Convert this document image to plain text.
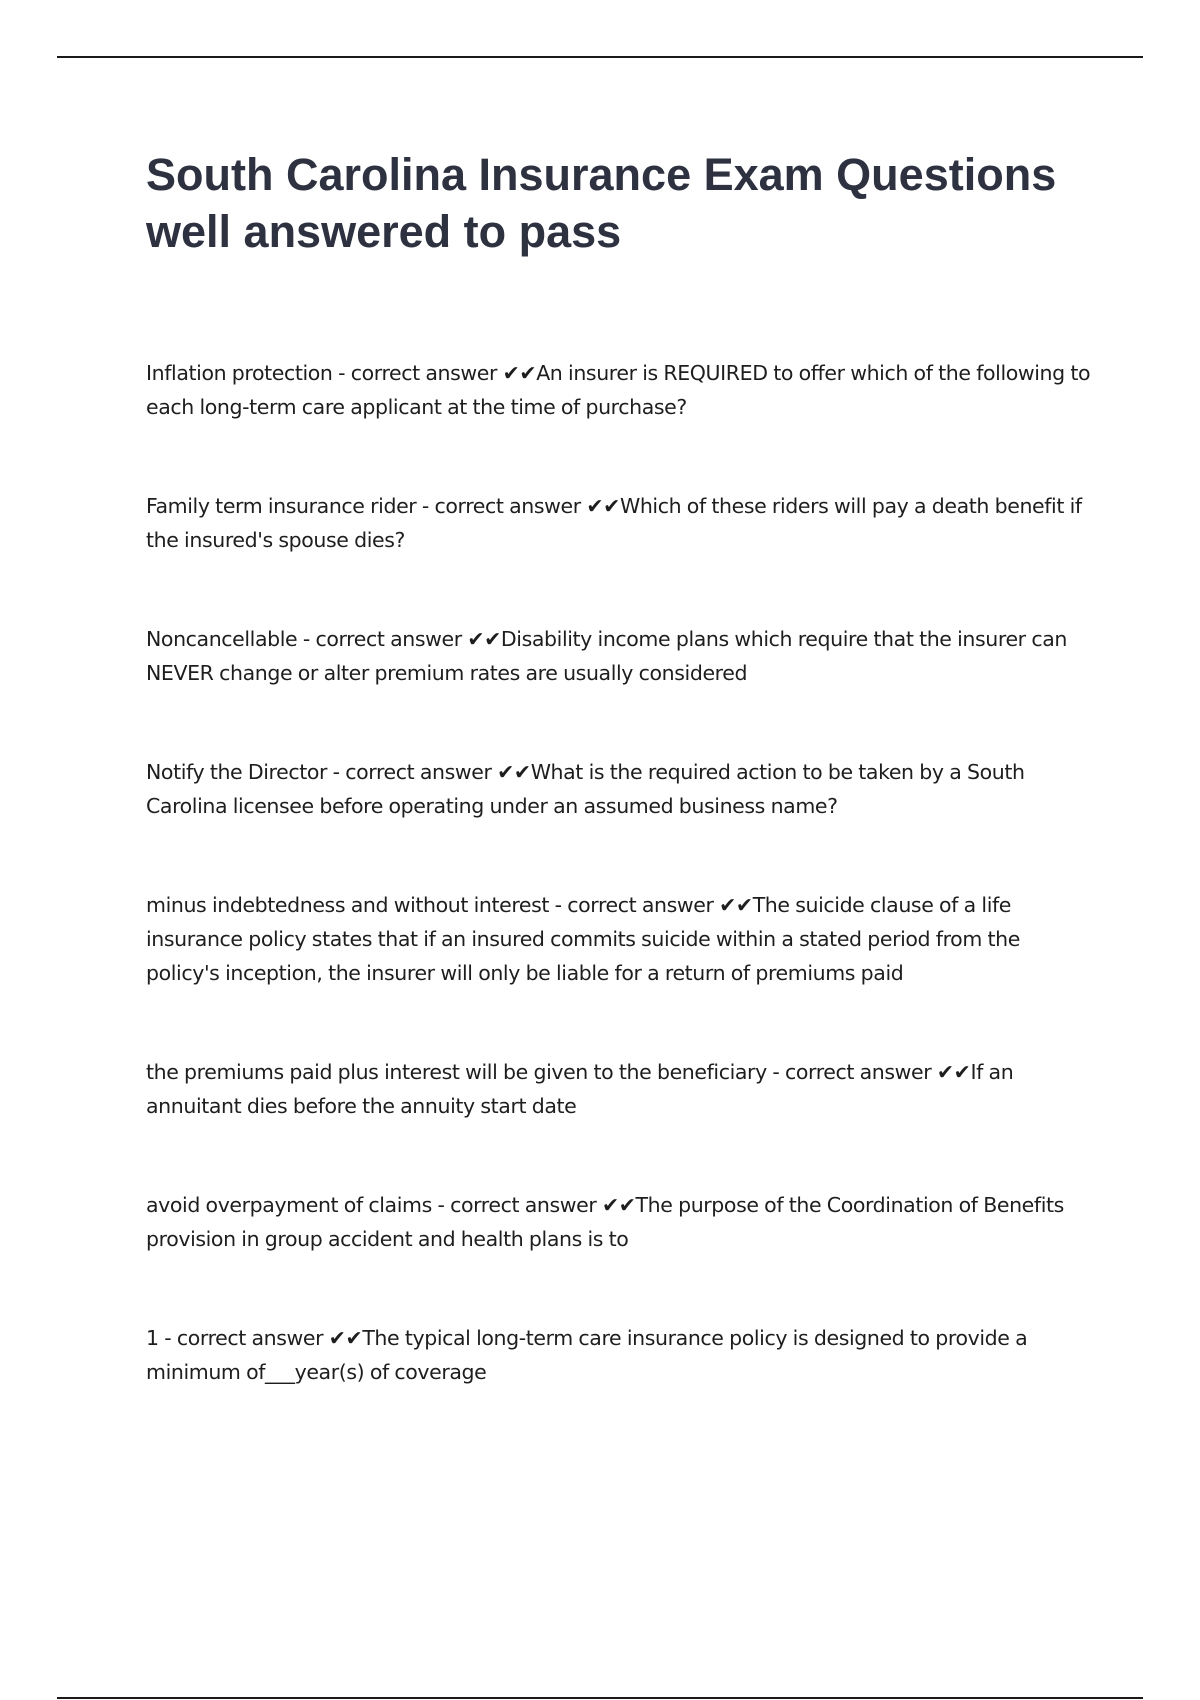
South Carolina Insurance Exam Questions well answered to pass
Inflation protection - correct answer ✔✔An insurer is REQUIRED to offer which of the following to each long-term care applicant at the time of purchase?
Family term insurance rider - correct answer ✔✔Which of these riders will pay a death benefit if the insured's spouse dies?
Noncancellable - correct answer ✔✔Disability income plans which require that the insurer can NEVER change or alter premium rates are usually considered
Notify the Director - correct answer ✔✔What is the required action to be taken by a South Carolina licensee before operating under an assumed business name?
minus indebtedness and without interest - correct answer ✔✔The suicide clause of a life insurance policy states that if an insured commits suicide within a stated period from the policy's inception, the insurer will only be liable for a return of premiums paid
the premiums paid plus interest will be given to the beneficiary - correct answer ✔✔If an annuitant dies before the annuity start date
avoid overpayment of claims - correct answer ✔✔The purpose of the Coordination of Benefits provision in group accident and health plans is to
1 - correct answer ✔✔The typical long-term care insurance policy is designed to provide a minimum of___year(s) of coverage
